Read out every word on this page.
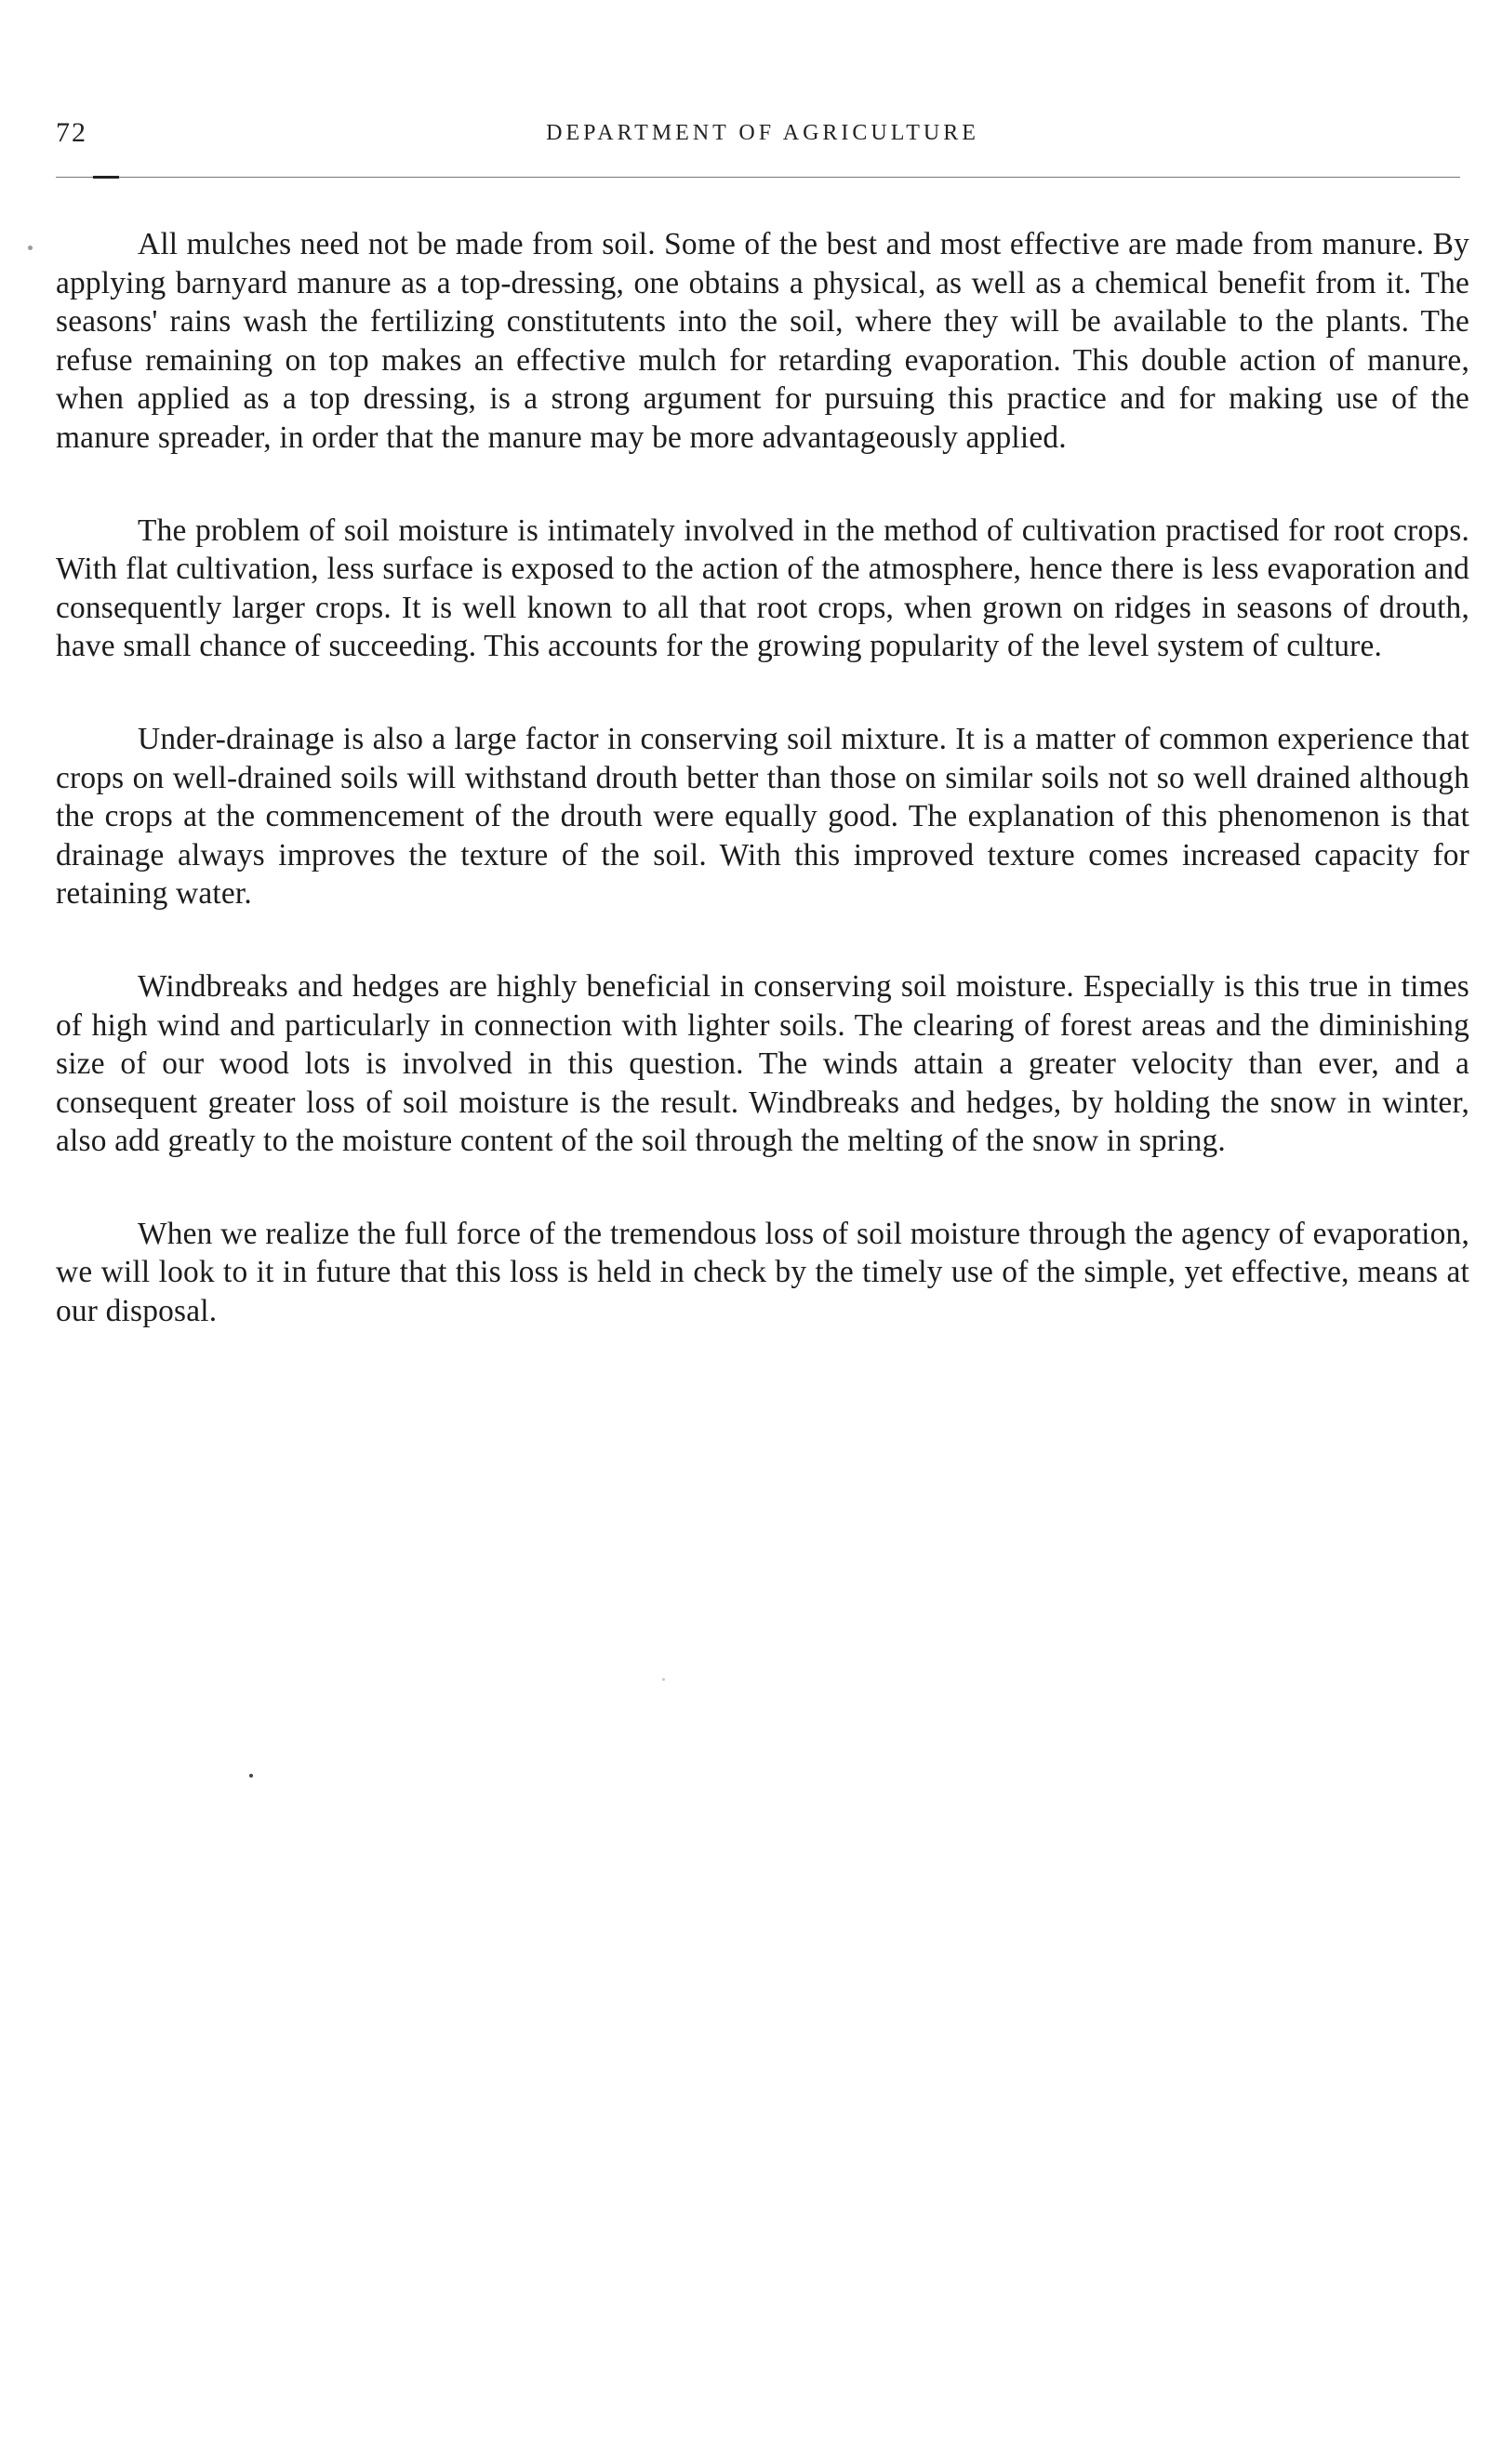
72	DEPARTMENT OF AGRICULTURE

All mulches need not be made from soil. Some of the best and most effective are made from manure. By applying barnyard manure as a top-dressing, one obtains a physical, as well as a chemical benefit from it. The seasons' rains wash the fertilizing constitutents into the soil, where they will be available to the plants. The refuse remaining on top makes an effective mulch for retarding evaporation. This double action of manure, when applied as a top dressing, is a strong argument for pursuing this practice and for making use of the manure spreader, in order that the manure may be more advantageously applied.

The problem of soil moisture is intimately involved in the method of cultivation practised for root crops. With flat cultivation, less surface is exposed to the action of the atmosphere, hence there is less evaporation and consequently larger crops. It is well known to all that root crops, when grown on ridges in seasons of drouth, have small chance of succeeding. This accounts for the growing popularity of the level system of culture.

Under-drainage is also a large factor in conserving soil mixture. It is a matter of common experience that crops on well-drained soils will withstand drouth better than those on similar soils not so well drained although the crops at the commencement of the drouth were equally good. The explanation of this phenomenon is that drainage always improves the texture of the soil. With this improved texture comes increased capacity for retaining water.

Windbreaks and hedges are highly beneficial in conserving soil moisture. Especially is this true in times of high wind and particularly in connection with lighter soils. The clearing of forest areas and the diminishing size of our wood lots is involved in this question. The winds attain a greater velocity than ever, and a consequent greater loss of soil moisture is the result. Windbreaks and hedges, by holding the snow in winter, also add greatly to the moisture content of the soil through the melting of the snow in spring.

When we realize the full force of the tremendous loss of soil moisture through the agency of evaporation, we will look to it in future that this loss is held in check by the timely use of the simple, yet effective, means at our disposal.
